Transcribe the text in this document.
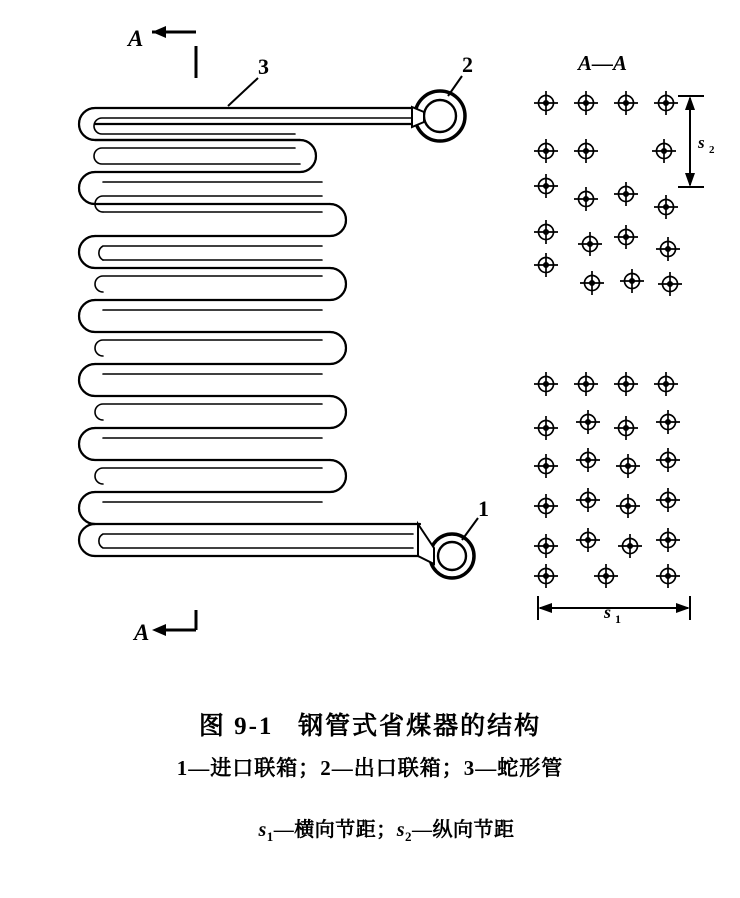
A
A
A—A
3	2
1
s 2
s 1
图 9-1   钢管式省煤器的结构
1—进口联箱；2—出口联箱；3—蛇形管

$s_1—$横向节距；$s_2—$纵向节距
